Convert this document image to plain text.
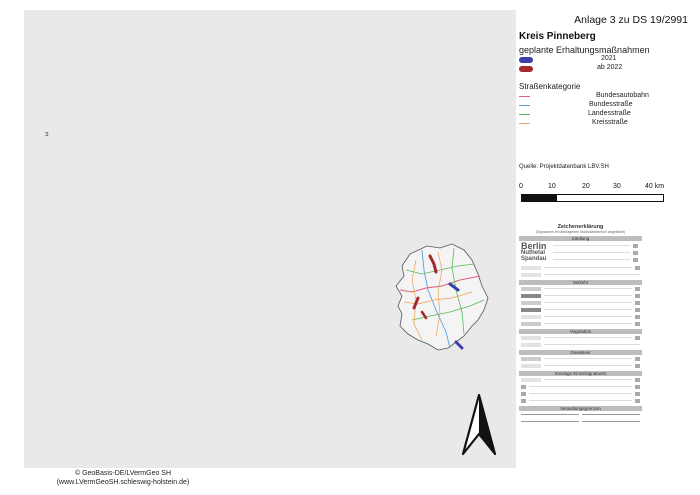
ↄ
© GeoBasis-DE/LVermGeo SH
(www.LVermGeoSH.schleswig-holstein.de)
Anlage 3 zu DS 19/2991
Kreis Pinneberg
geplante Erhaltungsmaßnahmen
2021
ab 2022
Straßenkategorie
Bundesautobahn
Bundesstraße
Landesstraße
Kreisstraße
Quelle: Projektdatenbank LBV.SH
0	10	20	30	40 km
Zeichenerklärung
(Signaturen im überlagerten Maßstabsbereich abgebildet)
Siedlung
Berlin
Nuthetal
Spandau
Verkehr
Vegetation
Gewässer
Sonstige Einzelsignaturen
Verwaltungsgrenzen
